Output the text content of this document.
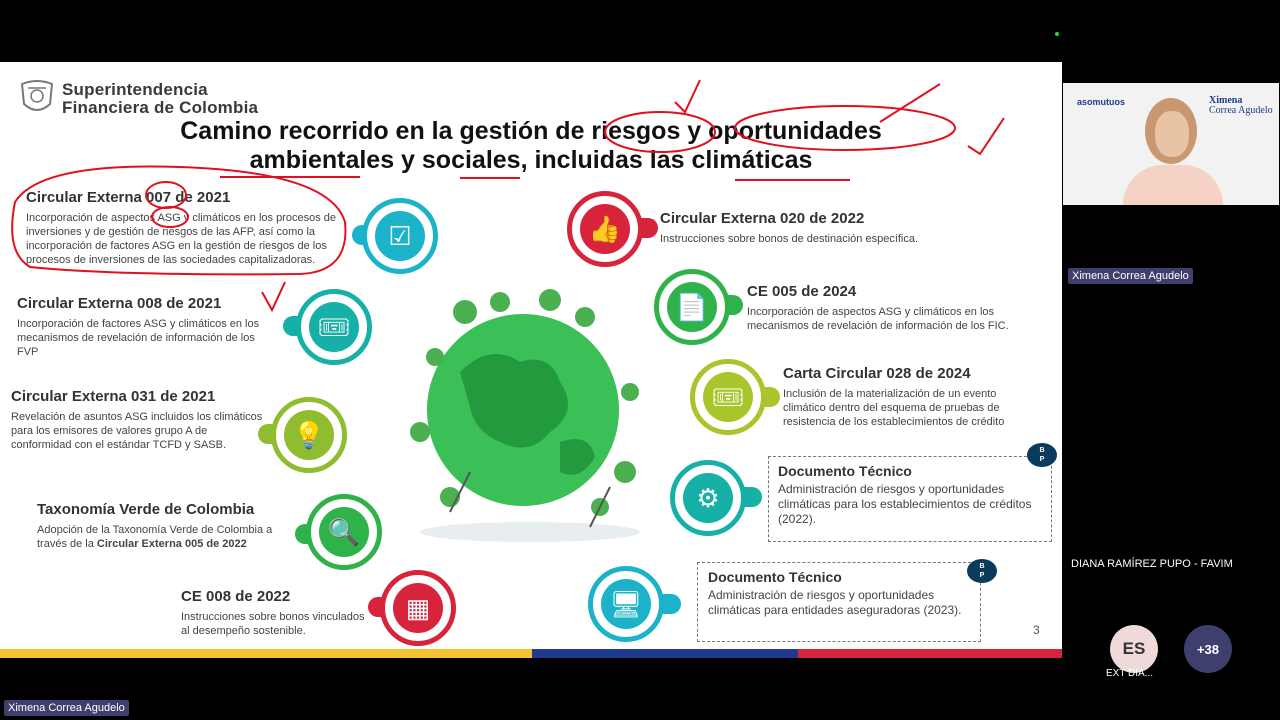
Superintendencia
Financiera de Colombia
Camino recorrido en la gestión de riesgos y oportunidades
ambientales y sociales, incluidas las climáticas
Circular Externa 007 de 2021
Incorporación de aspectos ASG y climáticos en los procesos de inversiones y de gestión de riesgos de las AFP, así como la incorporación de factores ASG en la gestión de riesgos de los procesos de inversiones de las sociedades capitalizadoras.
Circular Externa 008 de 2021
Incorporación de factores ASG y climáticos en los mecanismos de revelación de información de los FVP
Circular Externa 031 de 2021
Revelación de asuntos ASG incluidos los climáticos para los emisores de valores grupo A de conformidad con el estándar TCFD y SASB.
Taxonomía Verde de Colombia
Adopción de la Taxonomía Verde de Colombia a través de la Circular Externa 005 de 2022
CE 008 de 2022
Instrucciones sobre bonos vinculados al desempeño sostenible.
☑
🎟
💡
🔍
▦
👍
📄
🎟
⚙
🖥
Circular Externa 020 de 2022
Instrucciones sobre bonos de destinación específica.
CE 005 de 2024
Incorporación de aspectos ASG y climáticos en los mecanismos de revelación de información de los FIC.
Carta Circular 028 de 2024
Inclusión de la materialización de un evento climático dentro del esquema de pruebas de resistencia de los establecimientos de crédito
Documento Técnico
Administración de riesgos y oportunidades climáticas para los establecimientos de créditos (2022).
B
P
Documento Técnico
Administración de riesgos y oportunidades climáticas para entidades aseguradoras (2023).
B
P
3
asomutuos	Ximena
Correa Agudelo
Ximena Correa Agudelo
DIANA RAMÍREZ PUPO - FAVIM
ES
EXT DIA...
+38
Ximena Correa Agudelo
